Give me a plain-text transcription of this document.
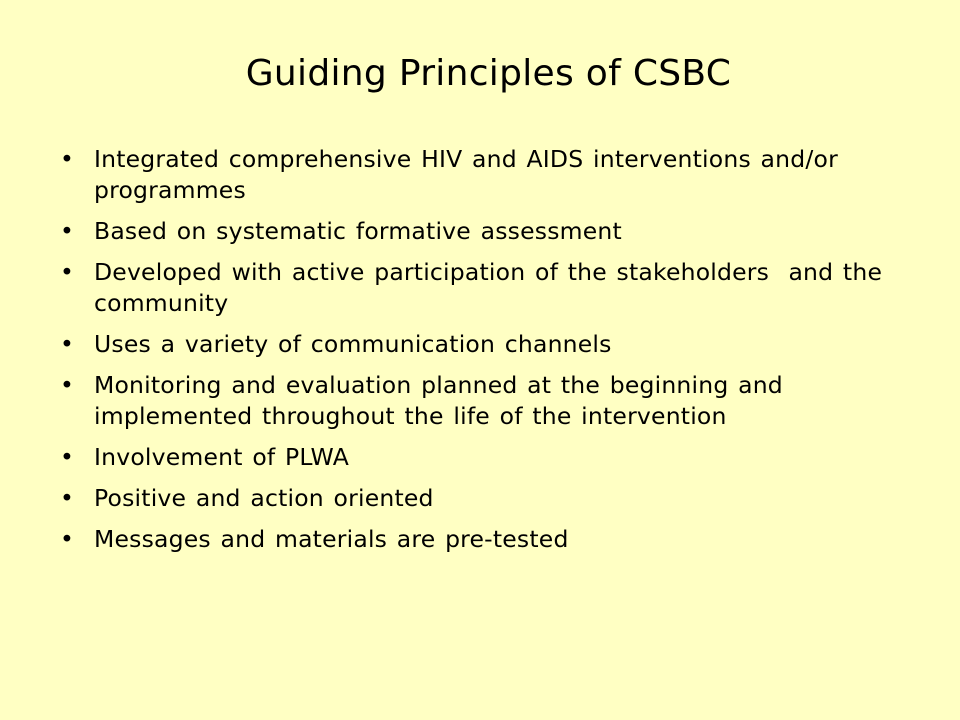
Guiding Principles of CSBC
• Integrated comprehensive HIV and AIDS interventions and/or programmes
• Based on systematic formative assessment
• Developed with active participation of the stakeholders  and the community
• Uses a variety of communication channels
• Monitoring and evaluation planned at the beginning and implemented throughout the life of the intervention
• Involvement of PLWA
• Positive and action oriented
• Messages and materials are pre-tested
